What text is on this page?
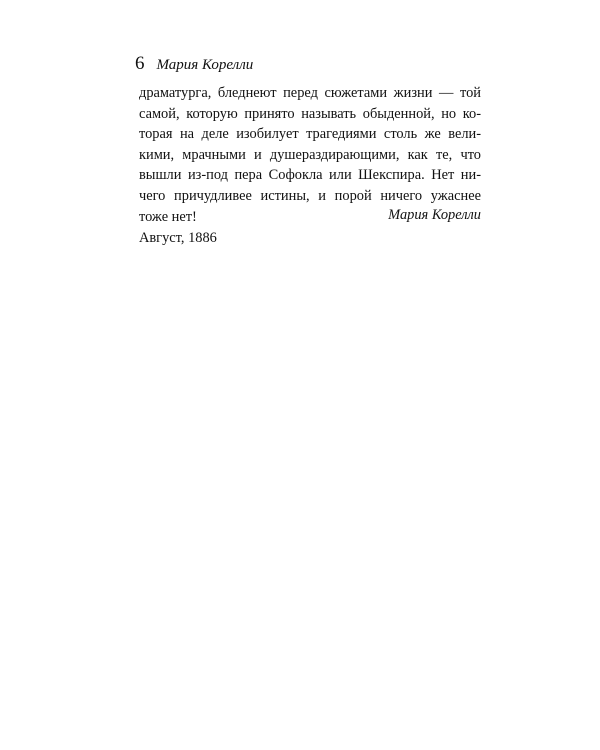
6 Мария Корелли
драматурга, бледнеют перед сюжетами жизни — той
самой, которую принято называть обыденной, но ко-
торая на деле изобилует трагедиями столь же вели-
кими, мрачными и душераздирающими, как те, что
вышли из-под пера Софокла или Шекспира. Нет ни-
чего причудливее истины, и порой ничего ужаснее
тоже нет!	Мария Корелли
Август, 1886
